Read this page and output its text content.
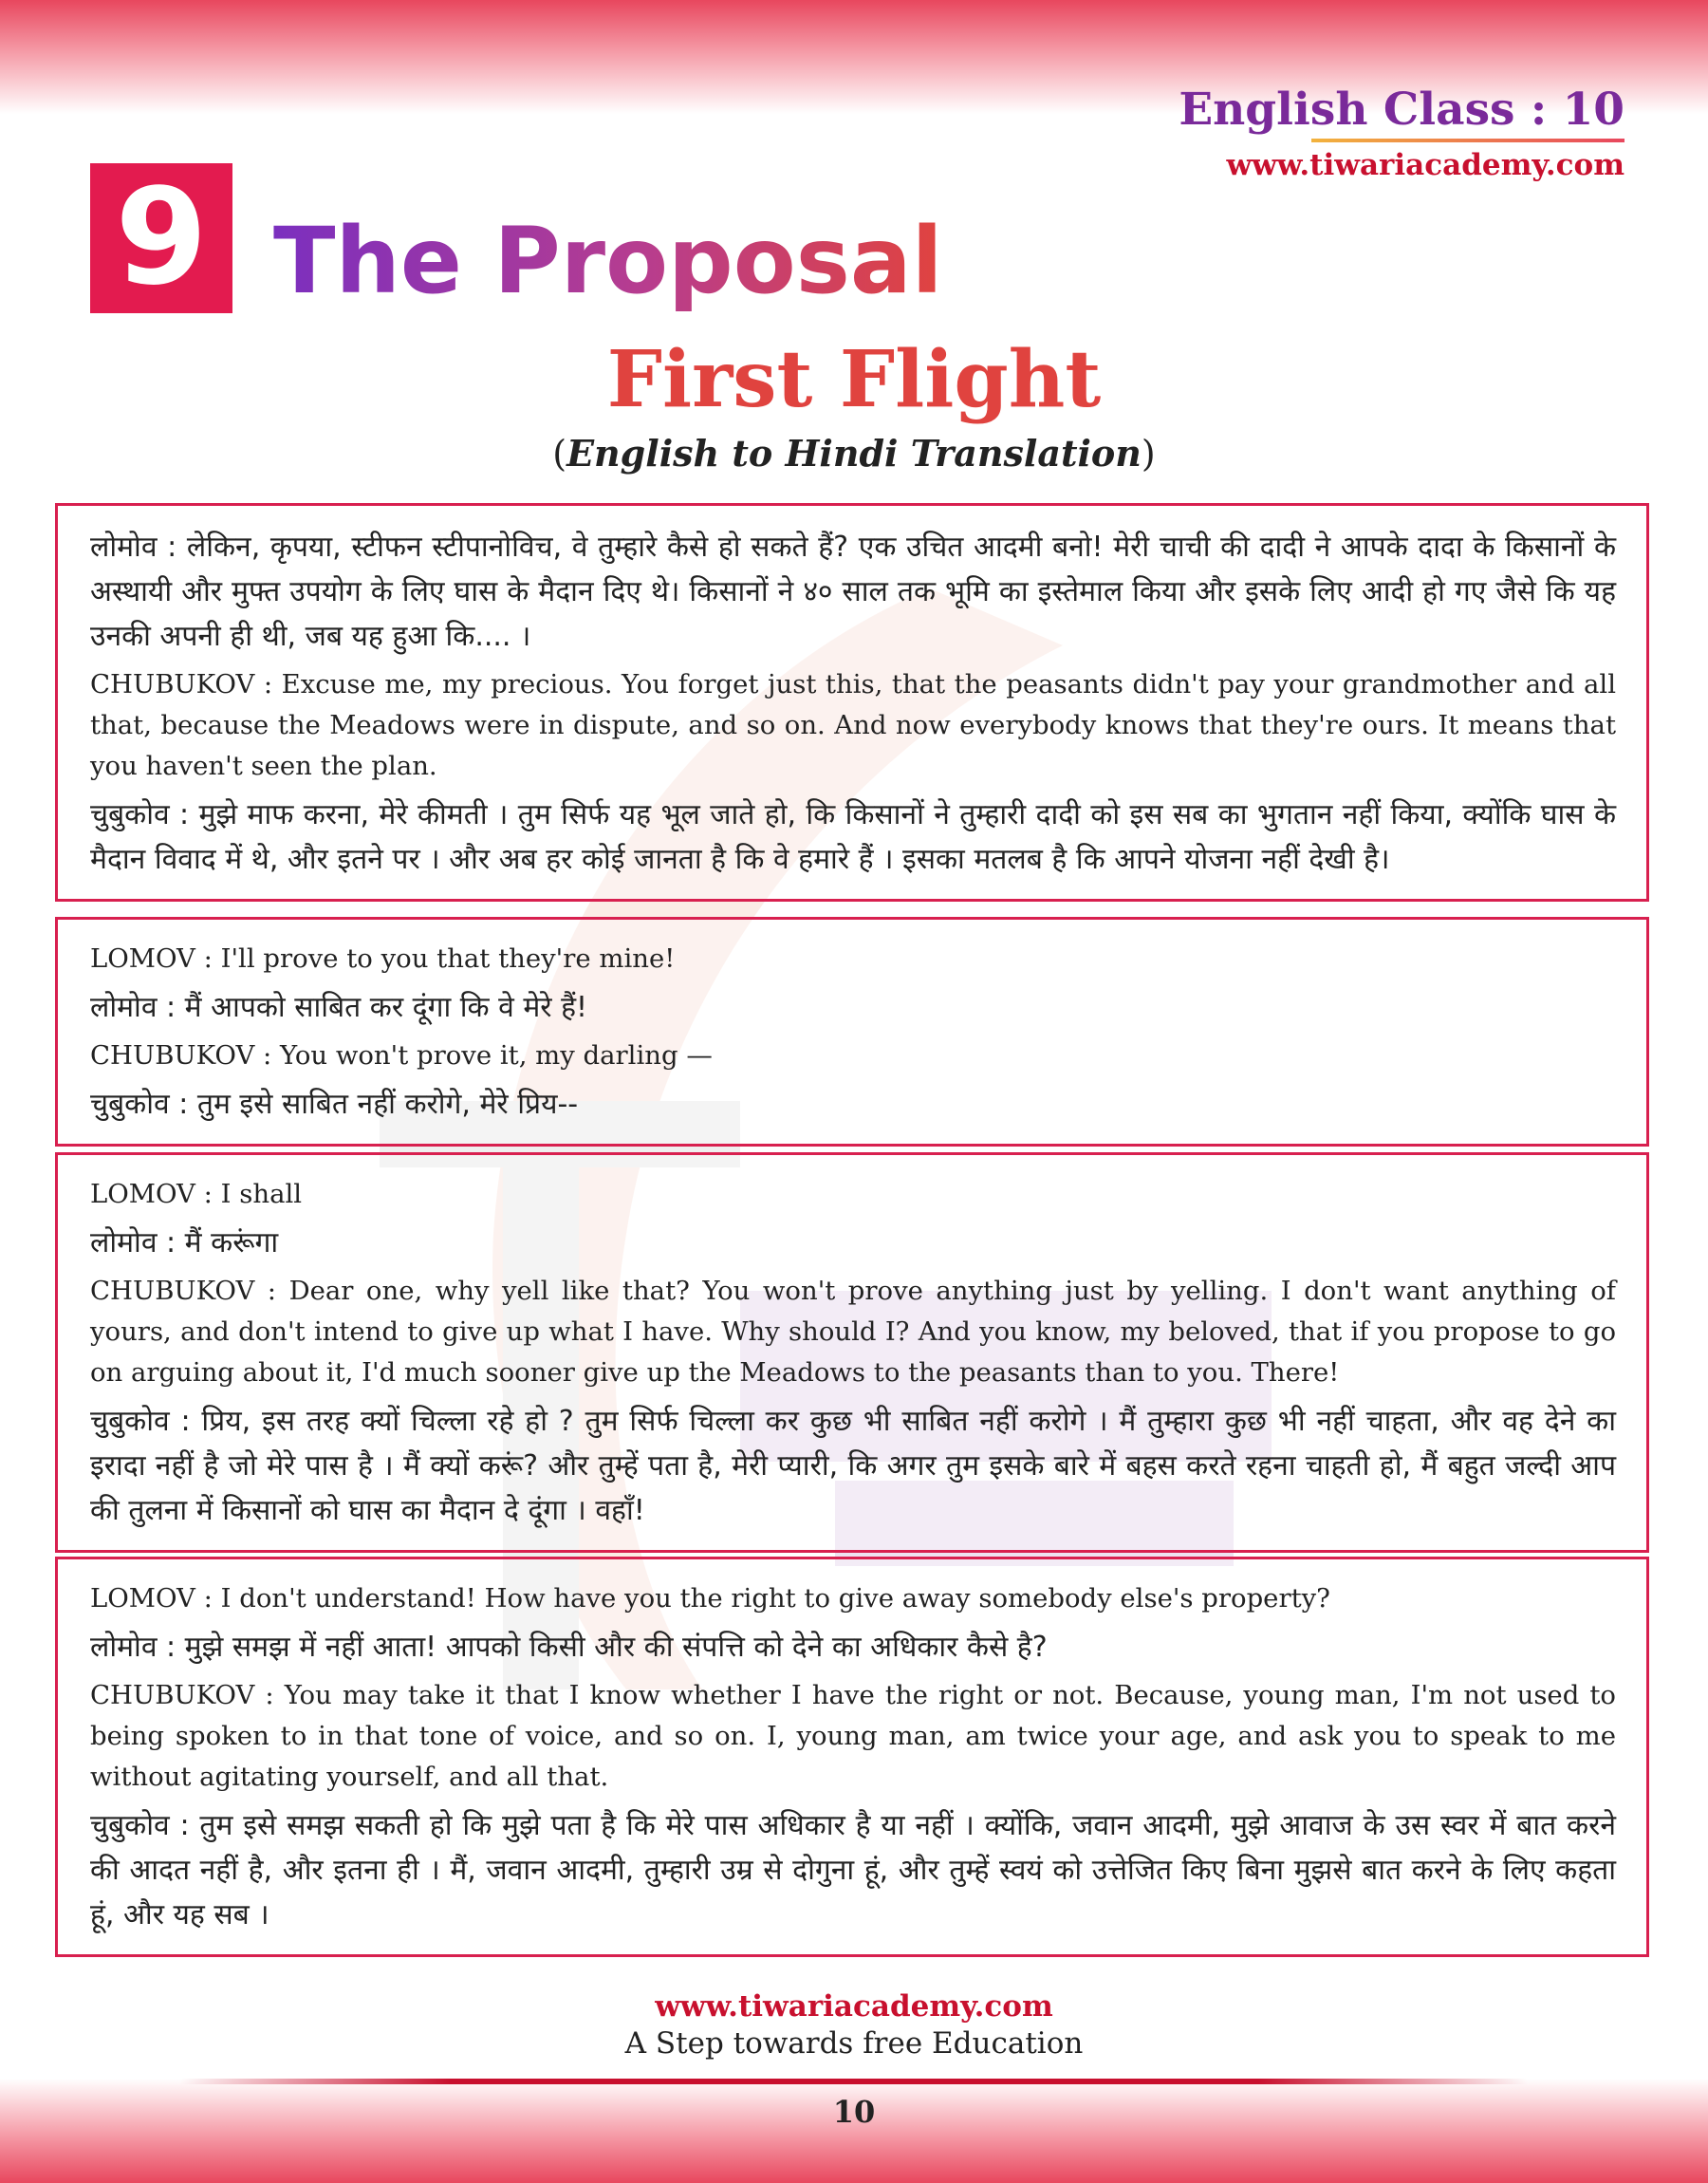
English Class : 10
www.tiwariacademy.com
9 The Proposal
First Flight
(English to Hindi Translation)

लोमोव : लेकिन, कृपया, स्टीफन स्टीपानोविच, वे तुम्हारे कैसे हो सकते हैं? एक उचित आदमी बनो! मेरी चाची की दादी ने आपके दादा के किसानों के अस्थायी और मुफ्त उपयोग के लिए घास के मैदान दिए थे। किसानों ने ४० साल तक भूमि का इस्तेमाल किया और इसके लिए आदी हो गए जैसे कि यह उनकी अपनी ही थी, जब यह हुआ कि.... ।

CHUBUKOV : Excuse me, my precious. You forget just this, that the peasants didn't pay your grandmother and all that, because the Meadows were in dispute, and so on. And now everybody knows that they're ours. It means that you haven't seen the plan.

चुबुकोव : मुझे माफ करना, मेरे कीमती । तुम सिर्फ यह भूल जाते हो, कि किसानों ने तुम्हारी दादी को इस सब का भुगतान नहीं किया, क्योंकि घास के मैदान विवाद में थे, और इतने पर । और अब हर कोई जानता है कि वे हमारे हैं । इसका मतलब है कि आपने योजना नहीं देखी है।

LOMOV : I'll prove to you that they're mine!

लोमोव : मैं आपको साबित कर दूंगा कि वे मेरे हैं!

CHUBUKOV : You won't prove it, my darling —

चुबुकोव : तुम इसे साबित नहीं करोगे, मेरे प्रिय--

LOMOV : I shall

लोमोव : मैं करूंगा

CHUBUKOV : Dear one, why yell like that? You won't prove anything just by yelling. I don't want anything of yours, and don't intend to give up what I have. Why should I? And you know, my beloved, that if you propose to go on arguing about it, I'd much sooner give up the Meadows to the peasants than to you. There!

चुबुकोव : प्रिय, इस तरह क्यों चिल्ला रहे हो ? तुम सिर्फ चिल्ला कर कुछ भी साबित नहीं करोगे । मैं तुम्हारा कुछ भी नहीं चाहता, और वह देने का इरादा नहीं है जो मेरे पास है । मैं क्यों करूं? और तुम्हें पता है, मेरी प्यारी, कि अगर तुम इसके बारे में बहस करते रहना चाहती हो, मैं बहुत जल्दी आप की तुलना में किसानों को घास का मैदान दे दूंगा । वहाँ!

LOMOV : I don't understand! How have you the right to give away somebody else's property?

लोमोव : मुझे समझ में नहीं आता! आपको किसी और की संपत्ति को देने का अधिकार कैसे है?

CHUBUKOV : You may take it that I know whether I have the right or not. Because, young man, I'm not used to being spoken to in that tone of voice, and so on. I, young man, am twice your age, and ask you to speak to me without agitating yourself, and all that.

चुबुकोव : तुम इसे समझ सकती हो कि मुझे पता है कि मेरे पास अधिकार है या नहीं । क्योंकि, जवान आदमी, मुझे आवाज के उस स्वर में बात करने की आदत नहीं है, और इतना ही । मैं, जवान आदमी, तुम्हारी उम्र से दोगुना हूं, और तुम्हें स्वयं को उत्तेजित किए बिना मुझसे बात करने के लिए कहता हूं, और यह सब ।

www.tiwariacademy.com
A Step towards free Education
10
